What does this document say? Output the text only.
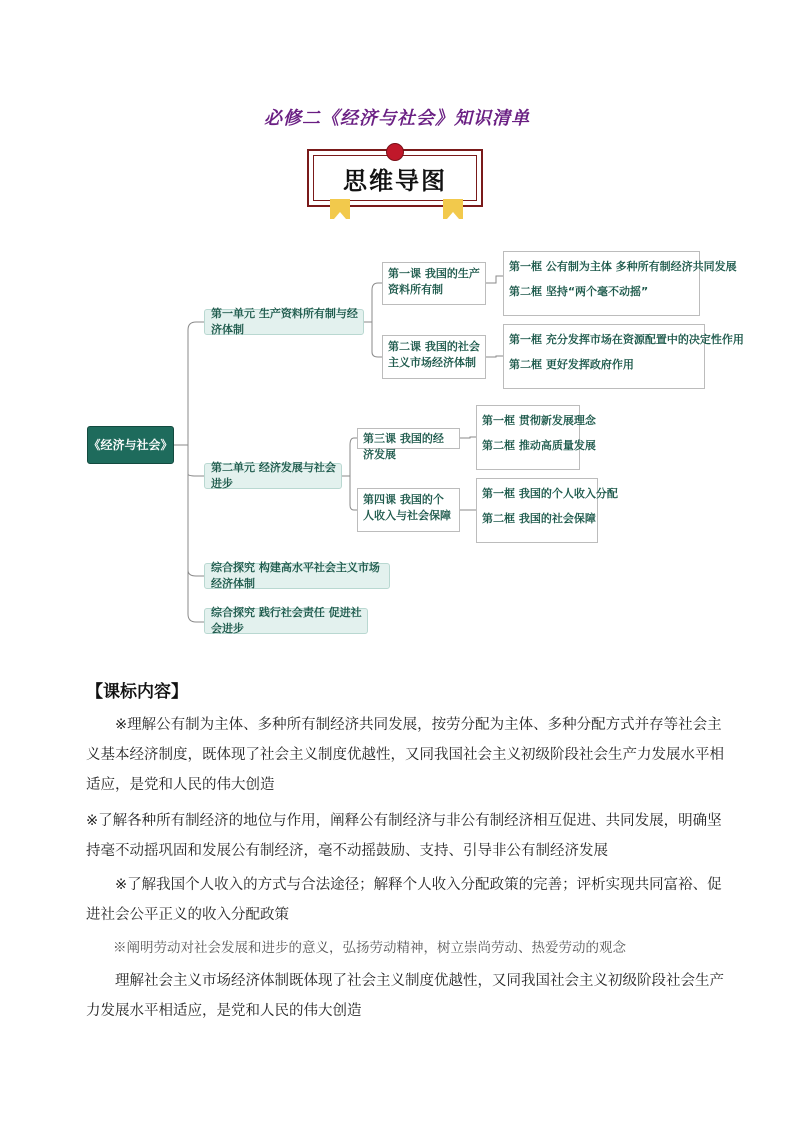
必修二《经济与社会》知识清单
思维导图
《经济与社会》
第一单元 生产资料所有制与经济体制
第二单元 经济发展与社会进步
综合探究 构建高水平社会主义市场经济体制
综合探究 践行社会责任 促进社会进步
第一课 我国的生产资料所有制
第二课 我国的社会主义市场经济体制
第三课 我国的经济发展
第四课 我国的个人收入与社会保障
第一框 公有制为主体 多种所有制经济共同发展
第二框 坚持“两个毫不动摇”
第一框 充分发挥市场在资源配置中的决定性作用
第二框 更好发挥政府作用
第一框 贯彻新发展理念
第二框 推动高质量发展
第一框 我国的个人收入分配
第二框 我国的社会保障
【课标内容】

※理解公有制为主体、多种所有制经济共同发展，按劳分配为主体、多种分配方式并存等社会主义基本经济制度，既体现了社会主义制度优越性，又同我国社会主义初级阶段社会生产力发展水平相适应，是党和人民的伟大创造

※了解各种所有制经济的地位与作用，阐释公有制经济与非公有制经济相互促进、共同发展，明确坚持毫不动摇巩固和发展公有制经济，毫不动摇鼓励、支持、引导非公有制经济发展

※了解我国个人收入的方式与合法途径；解释个人收入分配政策的完善；评析实现共同富裕、促进社会公平正义的收入分配政策

※阐明劳动对社会发展和进步的意义，弘扬劳动精神，树立崇尚劳动、热爱劳动的观念

理解社会主义市场经济体制既体现了社会主义制度优越性，又同我国社会主义初级阶段社会生产力发展水平相适应，是党和人民的伟大创造
